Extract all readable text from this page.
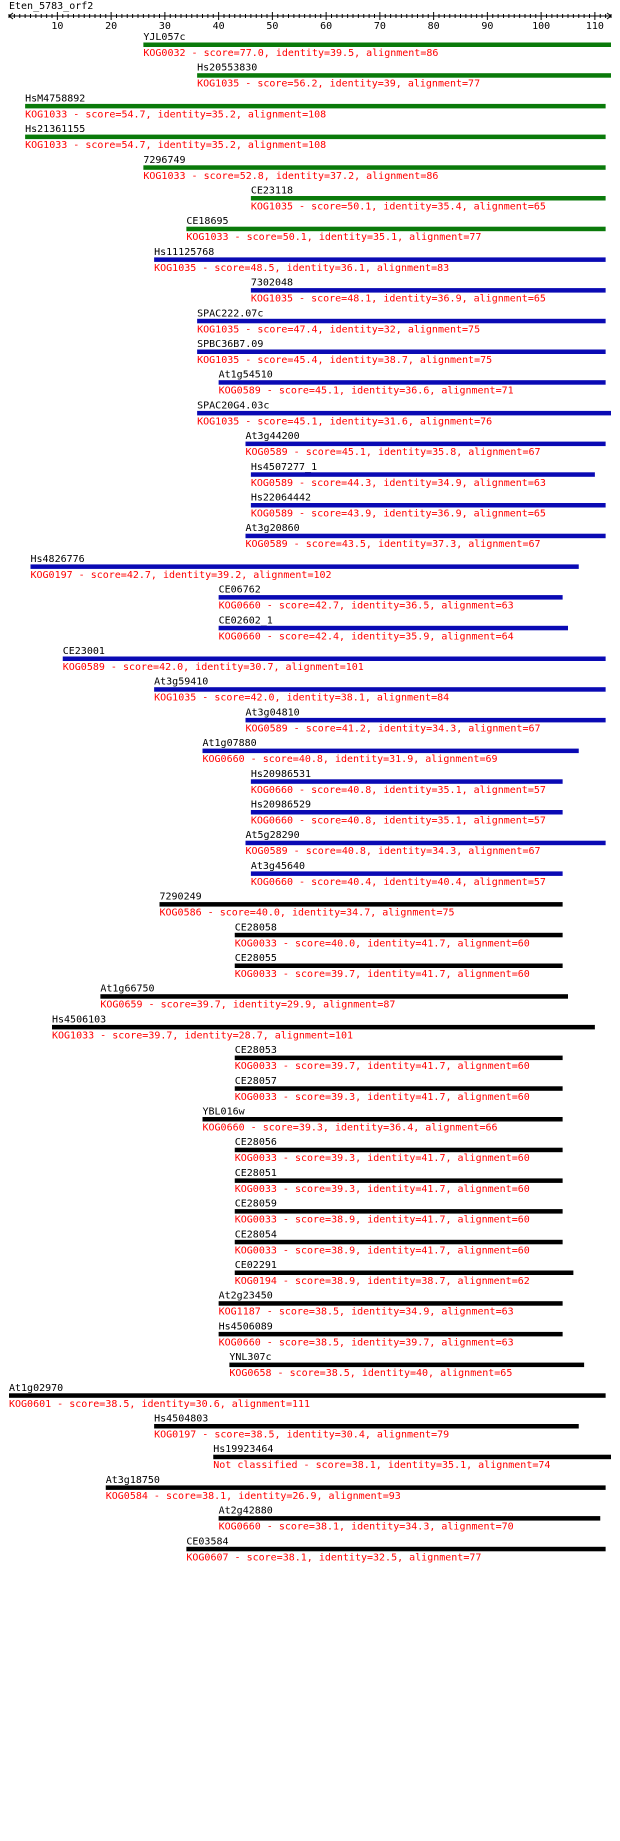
Eten_5783_orf2
10	20	30	40	50	60	70	80	90	100	110
YJL057c
KOG0032 - score=77.0, identity=39.5, alignment=86
Hs20553830
KOG1035 - score=56.2, identity=39, alignment=77
HsM4758892
KOG1033 - score=54.7, identity=35.2, alignment=108
Hs21361155
KOG1033 - score=54.7, identity=35.2, alignment=108
7296749
KOG1033 - score=52.8, identity=37.2, alignment=86
CE23118
KOG1035 - score=50.1, identity=35.4, alignment=65
CE18695
KOG1033 - score=50.1, identity=35.1, alignment=77
Hs11125768
KOG1035 - score=48.5, identity=36.1, alignment=83
7302048
KOG1035 - score=48.1, identity=36.9, alignment=65
SPAC222.07c
KOG1035 - score=47.4, identity=32, alignment=75
SPBC36B7.09
KOG1035 - score=45.4, identity=38.7, alignment=75
At1g54510
KOG0589 - score=45.1, identity=36.6, alignment=71
SPAC20G4.03c
KOG1035 - score=45.1, identity=31.6, alignment=76
At3g44200
KOG0589 - score=45.1, identity=35.8, alignment=67
Hs4507277_1
KOG0589 - score=44.3, identity=34.9, alignment=63
Hs22064442
KOG0589 - score=43.9, identity=36.9, alignment=65
At3g20860
KOG0589 - score=43.5, identity=37.3, alignment=67
Hs4826776
KOG0197 - score=42.7, identity=39.2, alignment=102
CE06762
KOG0660 - score=42.7, identity=36.5, alignment=63
CE02602_1
KOG0660 - score=42.4, identity=35.9, alignment=64
CE23001
KOG0589 - score=42.0, identity=30.7, alignment=101
At3g59410
KOG1035 - score=42.0, identity=38.1, alignment=84
At3g04810
KOG0589 - score=41.2, identity=34.3, alignment=67
At1g07880
KOG0660 - score=40.8, identity=31.9, alignment=69
Hs20986531
KOG0660 - score=40.8, identity=35.1, alignment=57
Hs20986529
KOG0660 - score=40.8, identity=35.1, alignment=57
At5g28290
KOG0589 - score=40.8, identity=34.3, alignment=67
At3g45640
KOG0660 - score=40.4, identity=40.4, alignment=57
7290249
KOG0586 - score=40.0, identity=34.7, alignment=75
CE28058
KOG0033 - score=40.0, identity=41.7, alignment=60
CE28055
KOG0033 - score=39.7, identity=41.7, alignment=60
At1g66750
KOG0659 - score=39.7, identity=29.9, alignment=87
Hs4506103
KOG1033 - score=39.7, identity=28.7, alignment=101
CE28053
KOG0033 - score=39.7, identity=41.7, alignment=60
CE28057
KOG0033 - score=39.3, identity=41.7, alignment=60
YBL016w
KOG0660 - score=39.3, identity=36.4, alignment=66
CE28056
KOG0033 - score=39.3, identity=41.7, alignment=60
CE28051
KOG0033 - score=39.3, identity=41.7, alignment=60
CE28059
KOG0033 - score=38.9, identity=41.7, alignment=60
CE28054
KOG0033 - score=38.9, identity=41.7, alignment=60
CE02291
KOG0194 - score=38.9, identity=38.7, alignment=62
At2g23450
KOG1187 - score=38.5, identity=34.9, alignment=63
Hs4506089
KOG0660 - score=38.5, identity=39.7, alignment=63
YNL307c
KOG0658 - score=38.5, identity=40, alignment=65
At1g02970
KOG0601 - score=38.5, identity=30.6, alignment=111
Hs4504803
KOG0197 - score=38.5, identity=30.4, alignment=79
Hs19923464
Not classified - score=38.1, identity=35.1, alignment=74
At3g18750
KOG0584 - score=38.1, identity=26.9, alignment=93
At2g42880
KOG0660 - score=38.1, identity=34.3, alignment=70
CE03584
KOG0607 - score=38.1, identity=32.5, alignment=77
